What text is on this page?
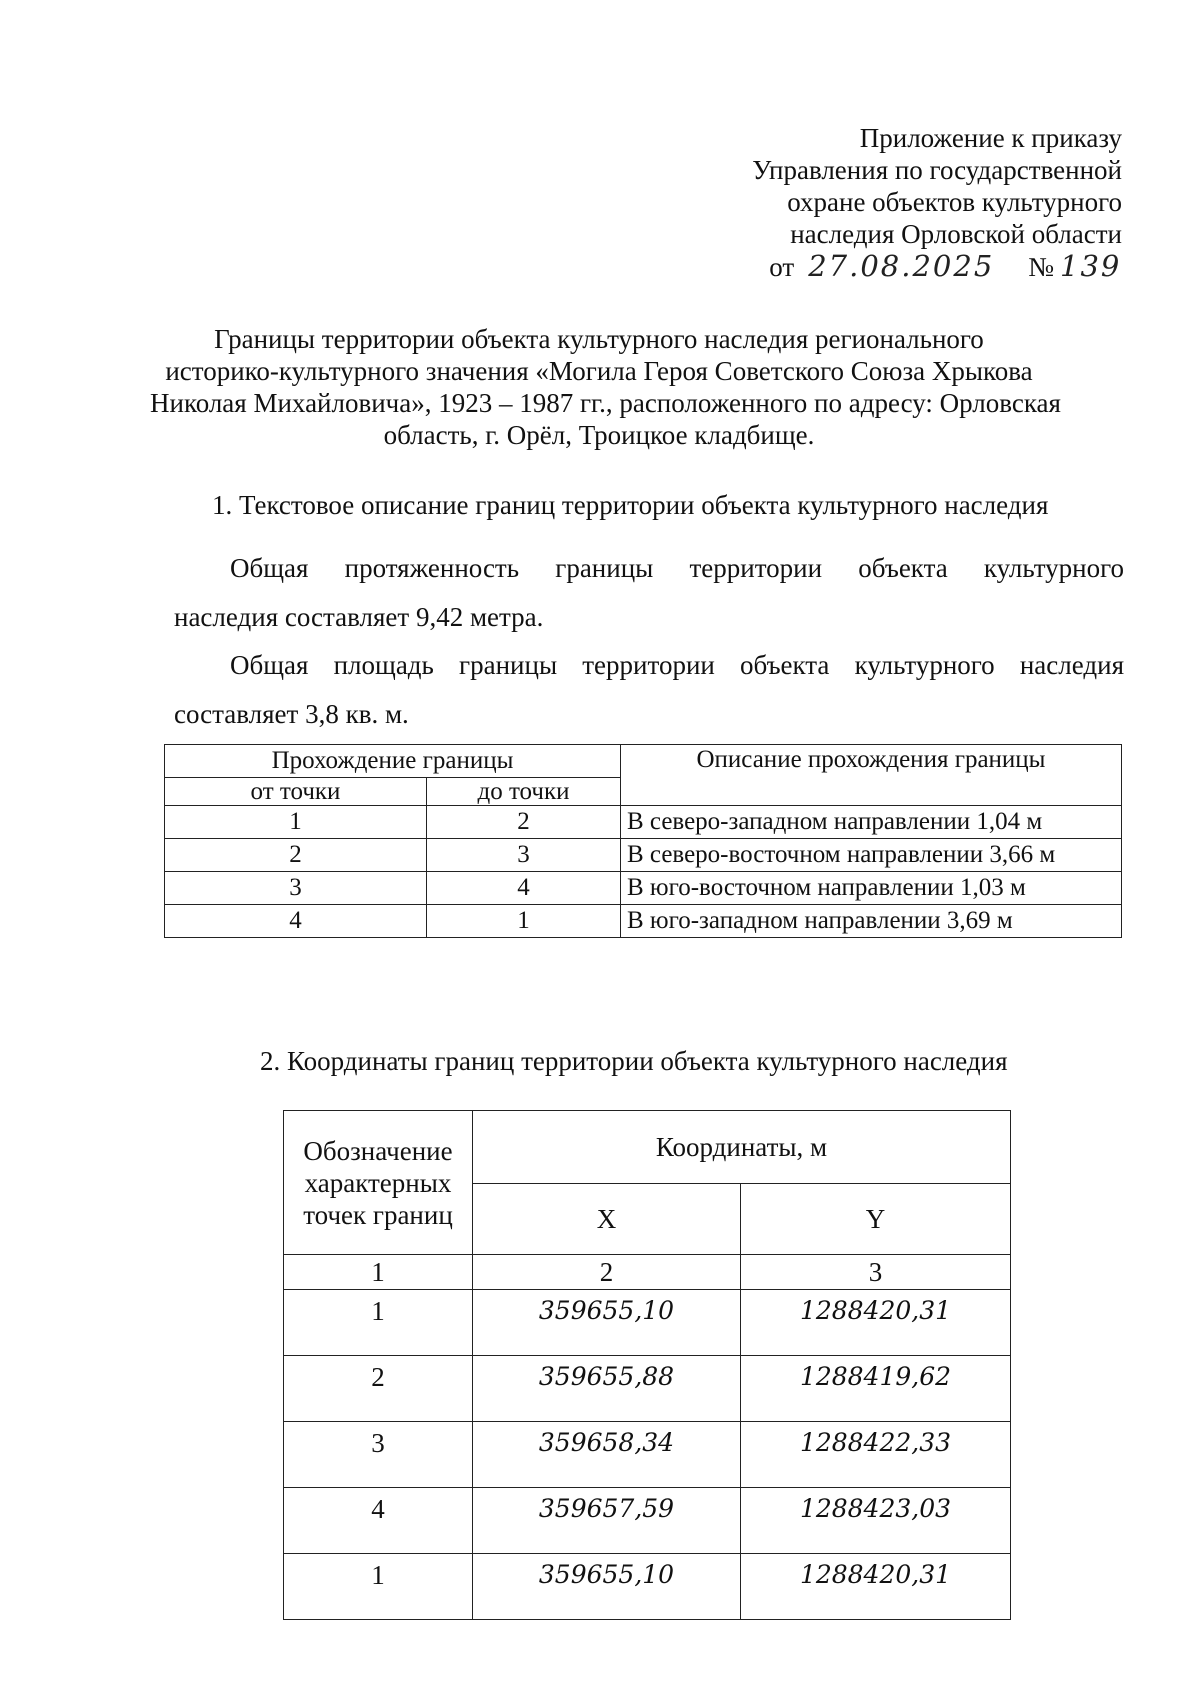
Приложение к приказу
Управления по государственной
охране объектов культурного
наследия Орловской области
от 27.08.2025 № 139
Границы территории объекта культурного наследия регионального
историко-культурного значения «Могила Героя Советского Союза Хрыкова
Николая Михайловича», 1923 – 1987 гг., расположенного по адресу: Орловская
область, г. Орёл, Троицкое кладбище.
1. Текстовое описание границ территории объекта культурного наследия
Общая протяженность границы территории объекта культурного
наследия составляет 9,42 метра.
Общая площадь границы территории объекта культурного наследия
составляет 3,8 кв. м.
Прохождение границы		Описание прохождения границы
от точки	до точки	
1	2	В северо-западном направлении 1,04 м
2	3	В северо-восточном направлении 3,66 м
3	4	В юго-восточном направлении 1,03 м
4	1	В юго-западном направлении 3,69 м
2. Координаты границ территории объекта культурного наследия
Обозначение характерных точек границ	Координаты, м	
	X	Y
1	2	3
1	359655,10	1288420,31
2	359655,88	1288419,62
3	359658,34	1288422,33
4	359657,59	1288423,03
1	359655,10	1288420,31
